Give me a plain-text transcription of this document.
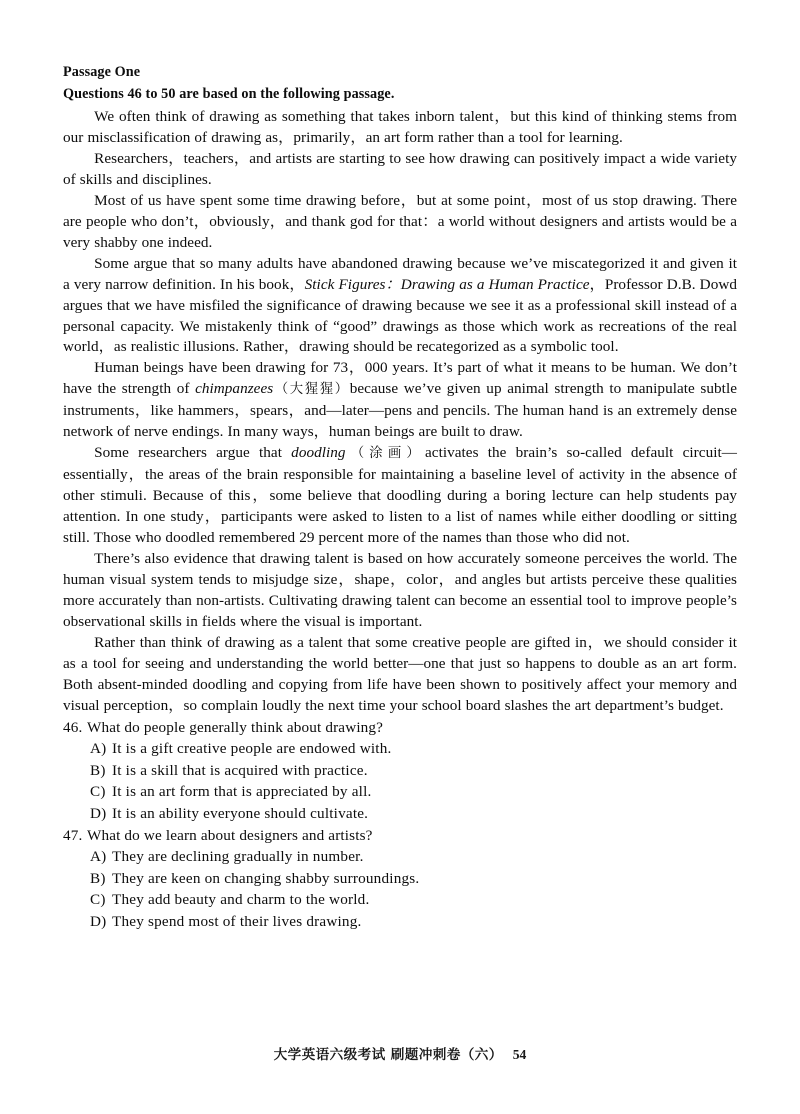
Passage One
Questions 46 to 50 are based on the following passage.

We often think of drawing as something that takes inborn talent，but this kind of thinking stems from our misclassification of drawing as，primarily，an art form rather than a tool for learning.

Researchers，teachers，and artists are starting to see how drawing can positively impact a wide variety of skills and disciplines.

Most of us have spent some time drawing before，but at some point，most of us stop drawing. There are people who don’t，obviously，and thank god for that：a world without designers and artists would be a very shabby one indeed.

Some argue that so many adults have abandoned drawing because we’ve miscategorized it and given it a very narrow definition. In his book，Stick Figures：Drawing as a Human Practice，Professor D.B. Dowd argues that we have misfiled the significance of drawing because we see it as a professional skill instead of a personal capacity. We mistakenly think of “good” drawings as those which work as recreations of the real world，as realistic illusions. Rather，drawing should be recategorized as a symbolic tool.

Human beings have been drawing for 73，000 years. It’s part of what it means to be human. We don’t have the strength of chimpanzees（大猩猩）because we’ve given up animal strength to manipulate subtle instruments，like hammers，spears，and—later—pens and pencils. The human hand is an extremely dense network of nerve endings. In many ways，human beings are built to draw.

Some researchers argue that doodling（涂画）activates the brain’s so-called default circuit—essentially，the areas of the brain responsible for maintaining a baseline level of activity in the absence of other stimuli. Because of this，some believe that doodling during a boring lecture can help students pay attention. In one study，participants were asked to listen to a list of names while either doodling or sitting still. Those who doodled remembered 29 percent more of the names than those who did not.

There’s also evidence that drawing talent is based on how accurately someone perceives the world. The human visual system tends to misjudge size，shape，color，and angles but artists perceive these qualities more accurately than non-artists. Cultivating drawing talent can become an essential tool to improve people’s observational skills in fields where the visual is important.

Rather than think of drawing as a talent that some creative people are gifted in，we should consider it as a tool for seeing and understanding the world better—one that just so happens to double as an art form. Both absent-minded doodling and copying from life have been shown to positively affect your memory and visual perception，so complain loudly the next time your school board slashes the art department’s budget.

46. What do people generally think about drawing?

A) It is a gift creative people are endowed with.

B) It is a skill that is acquired with practice.

C) It is an art form that is appreciated by all.

D) It is an ability everyone should cultivate.

47. What do we learn about designers and artists?

A) They are declining gradually in number.

B) They are keen on changing shabby surroundings.

C) They add beauty and charm to the world.

D) They spend most of their lives drawing.

大学英语六级考试 刷题冲刺卷（六） 54
